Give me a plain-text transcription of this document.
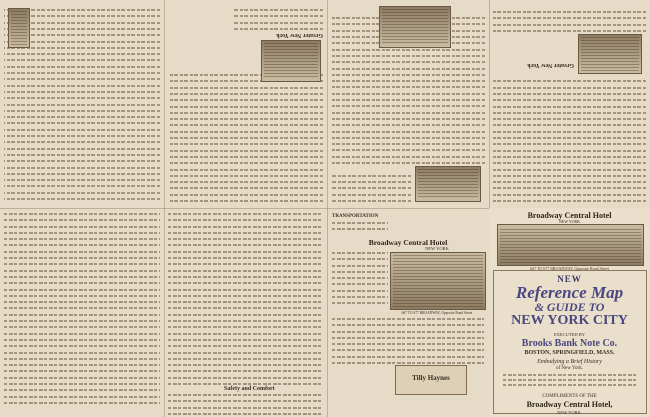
Greater New York
Greater New York
Safety and Comfort
TRANSPORTATION
Broadway Central Hotel
NEW YORK
667 TO 677 BROADWAY, Opposite Bond Street
Tilly Haynes
Broadway Central Hotel
NEW YORK
667 TO 677 BROADWAY, Opposite Bond Street
NEW
Reference Map
& GUIDE TO
NEW YORK CITY
EXECUTED BY
Brooks Bank Note Co.
BOSTON, SPRINGFIELD, MASS.
Embodying a Brief History
of New York.
COMPLIMENTS OF THE
Broadway Central Hotel,
NEW YORK.
